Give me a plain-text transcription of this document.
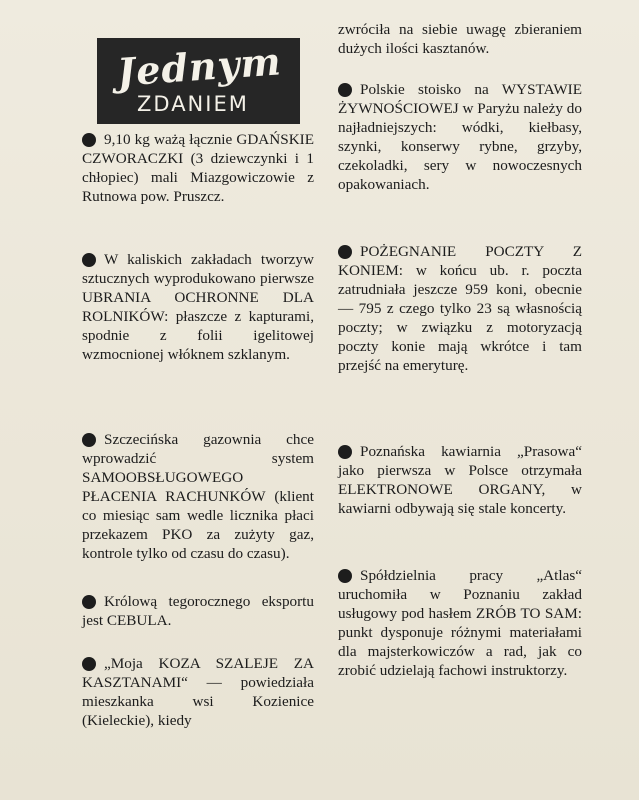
Jednym
ZDANIEM

9,10 kg ważą łącznie GDAŃSKIE CZWORACZKI (3 dziewczynki i 1 chłopiec) mali Miazgowiczowie z Rutnowa pow. Pruszcz.

W kaliskich zakładach tworzyw sztucznych wyprodukowano pierwsze UBRANIA OCHRONNE DLA ROLNIKÓW: płaszcze z kapturami, spodnie z folii igelitowej wzmocnionej włóknem szklanym.

Szczecińska gazownia chce wprowadzić system SAMOOBSŁUGOWEGO PŁACENIA RACHUNKÓW (klient co miesiąc sam wedle licznika płaci przekazem PKO za zużyty gaz, kontrole tylko od czasu do czasu).

Królową tegorocznego eksportu jest CEBULA.

„Moja KOZA SZALEJE ZA KASZTANAMI“ — powiedziała mieszkanka wsi Kozienice (Kieleckie), kiedy

zwróciła na siebie uwagę zbieraniem dużych ilości kasztanów.

Polskie stoisko na WYSTAWIE ŻYWNOŚCIOWEJ w Paryżu należy do najładniejszych: wódki, kiełbasy, szynki, konserwy rybne, grzyby, czekoladki, sery w nowoczesnych opakowaniach.

POŻEGNANIE POCZTY Z KONIEM: w końcu ub. r. poczta zatrudniała jeszcze 959 koni, obecnie — 795 z czego tylko 23 są własnością poczty; w związku z motoryzacją poczty konie mają wkrótce i tam przejść na emeryturę.

Poznańska kawiarnia „Prasowa“ jako pierwsza w Polsce otrzymała ELEKTRONOWE ORGANY, w kawiarni odbywają się stale koncerty.

Spółdzielnia pracy „Atlas“ uruchomiła w Poznaniu zakład usługowy pod hasłem ZRÓB TO SAM: punkt dysponuje różnymi materiałami dla majsterkowiczów a rad, jak co zrobić udzielają fachowi instruktorzy.
